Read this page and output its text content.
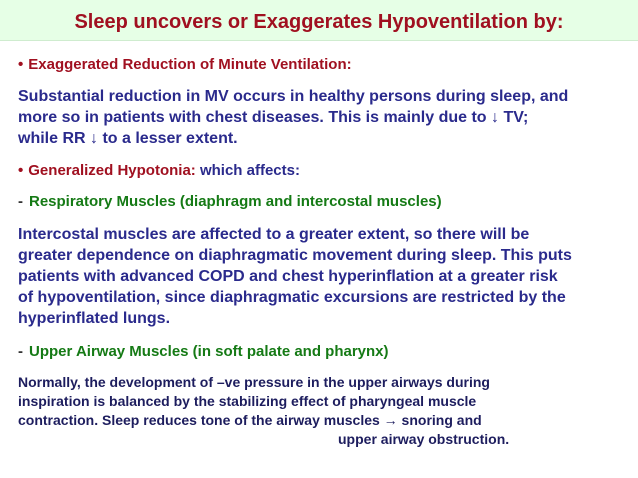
Sleep uncovers or Exaggerates Hypoventilation by:
• Exaggerated Reduction of Minute Ventilation:
Substantial reduction in MV occurs in healthy persons during sleep, and
more so in patients with chest diseases. This is mainly due to ↓ TV;
while RR ↓ to a lesser extent.
• Generalized Hypotonia: which affects:
- Respiratory Muscles (diaphragm and intercostal muscles)
Intercostal muscles are affected to a greater extent, so there will be
greater dependence on diaphragmatic movement during sleep. This puts
patients with advanced COPD and chest hyperinflation at a greater risk
of hypoventilation, since diaphragmatic excursions are restricted by the
hyperinflated lungs.
- Upper Airway Muscles (in soft palate and pharynx)
Normally, the development of –ve pressure in the upper airways during
inspiration is balanced by the stabilizing effect of pharyngeal muscle
contraction. Sleep reduces tone of the airway muscles → snoring and
upper airway obstruction.
